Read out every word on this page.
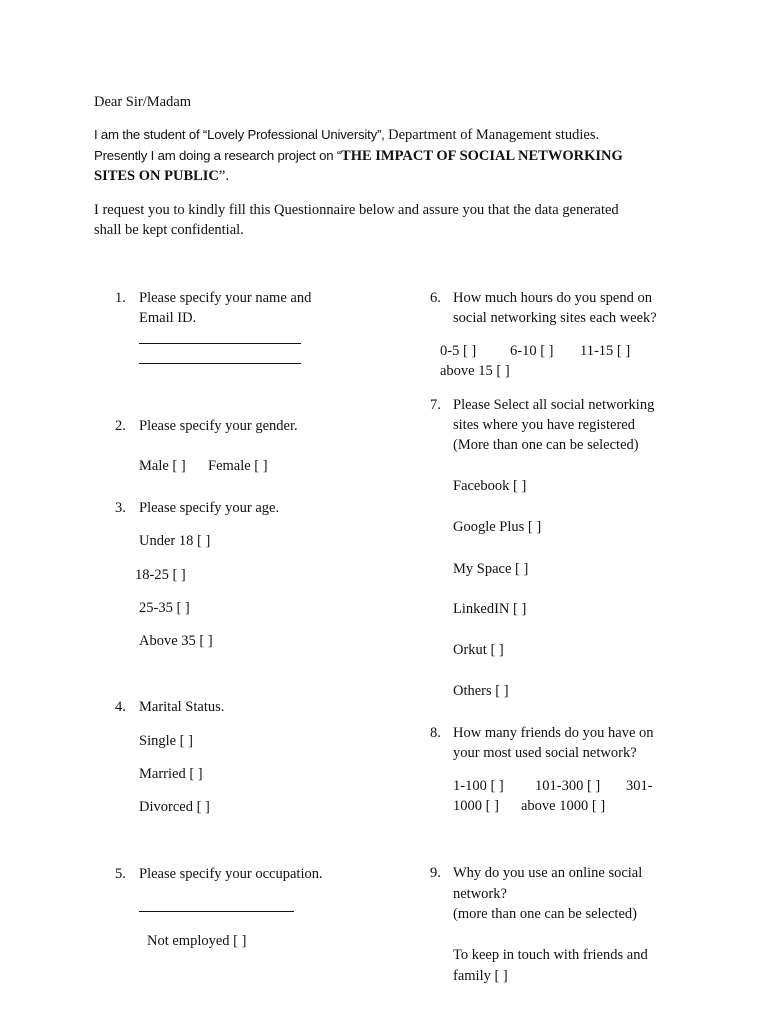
Dear Sir/Madam
I am the student of “Lovely Professional University”, Department of Management studies.
Presently I am doing a research project on “THE IMPACT OF SOCIAL NETWORKING
SITES ON PUBLIC”.
I request you to kindly fill this Questionnaire below and assure you that the data generated
shall be kept confidential.
1. Please specify your name and
Email ID.
2. Please specify your gender.
Male [ ] Female [ ]
3. Please specify your age.
Under 18 [ ]
18-25 [ ]
25-35 [ ]
Above 35 [ ]
4. Marital Status.
Single [ ]
Married [ ]
Divorced [ ]
5. Please specify your occupation.
Not employed [ ]
6. How much hours do you spend on
social networking sites each week?
0-5 [ ] 6-10 [ ] 11-15 [ ]
above 15 [ ]
7. Please Select all social networking
sites where you have registered
(More than one can be selected)
Facebook [ ]
Google Plus [ ]
My Space [ ]
LinkedIN [ ]
Orkut [ ]
Others [ ]
8. How many friends do you have on
your most used social network?
1-100 [ ] 101-300 [ ] 301-
1000 [ ] above 1000 [ ]
9. Why do you use an online social
network?
(more than one can be selected)
To keep in touch with friends and
family [ ]
